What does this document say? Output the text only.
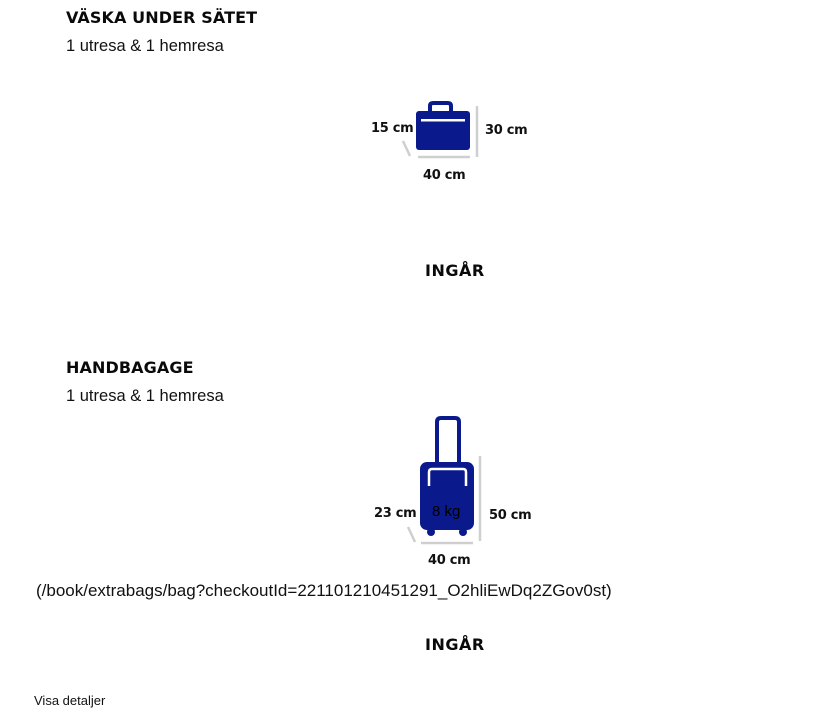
VÄSKA UNDER SÄTET
1 utresa & 1 hemresa
15 cm	30 cm
40 cm
INGÅR
HANDBAGAGE
1 utresa & 1 hemresa
8 kg
23 cm	50 cm
40 cm
(/book/extrabags/bag?checkoutId=221101210451291_O2hliEwDq2ZGov0st)
INGÅR
Visa detaljer
